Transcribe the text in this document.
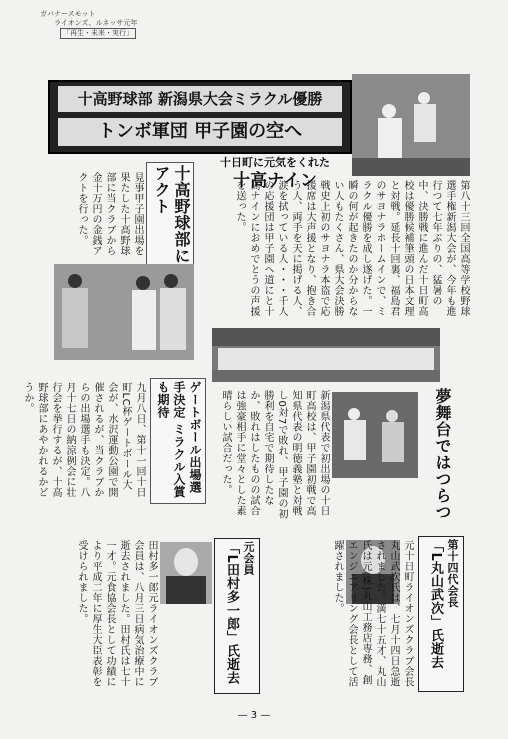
ガバナースモット
ライオンズ、ルネッサ元年
「再生・未来・実行」
十高野球部 新潟県大会ミラクル優勝
トンボ軍団 甲子園の空へ
十日町に元気をくれた
十高ナイン	第八十三回全国高等学校野球選手権新潟大会が、今年も進行つて七年ぶりの、猛暑の中、決勝戦に進んだ十日町高校は優勝候補筆頭の日本文理と対戦。延長十回裏、福島君のサヨナラホームインで、ミラクル優勝を成し遂げた。一瞬の何が起きたのか分からない人もたくさん、県大会決勝戦史上初のサヨナラ本盗で応援席は大声援となり、抱き合う人、両手を天に掲げる人、涙を拭っている人・・・千人の応援団は甲子園へ道にと十高ナインにおめでとうの声援を送った。
十高野球部にアクト
見事甲子園出場を果たした十高野球部に当クラブから金十万円の金銭アクトを行った。
ゲートボール出場選手決定 ミラクル入賞も期待
九月八日、第十一回十日町LC杯ゲートボール大会が、水沢運動公園で開催されるが、当クラブからの出場選手も決定。八月十七日の納涼例会に壮行会を挙行するが、十高野球部にあやかれるかどうか。	夢舞台ではつらつ
新潟県代表で初出場の十日町高校は、甲子園初戦で高知県代表の明徳義塾と対戦し0対7で敗れ、甲子園の初勝利を自宅で期待したなか、敗れはしたものの試合は強豪相手に堂々とした素晴らしい試合だった。
第十四代会長
「L丸山武次」氏逝去
元十日町ライオンズクラブ会長丸山武次氏は、七月十四日急逝されました。満七十五才、丸山氏は元(株)丸山工務店専務、創エンジニアリング会長として活躍されました。
元会員
「L田村多一郎」氏逝去
田村多一郎元ライオンズクラブ会員は、八月三日病気治療中に逝去されました。田村氏は七十一才。元食協会長として功績により平成二年に厚生大臣表彰を受けられました。
— 3 —
